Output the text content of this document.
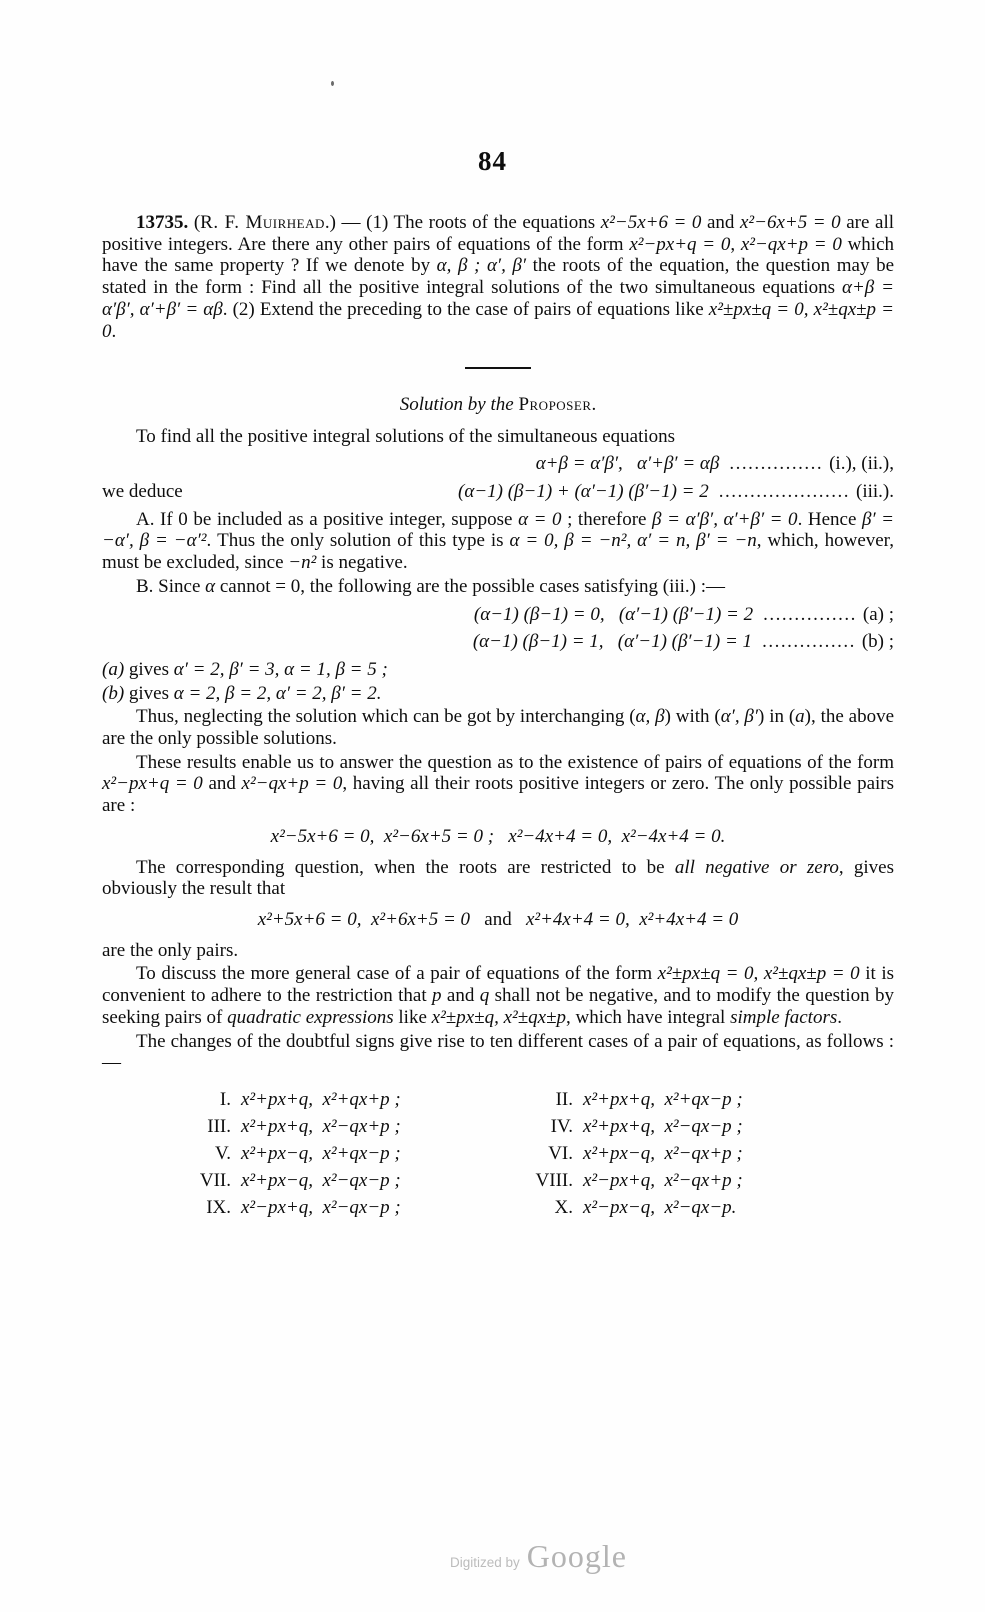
84

13735. (R. F. Muirhead.) — (1) The roots of the equations x²−5x+6 = 0 and x²−6x+5 = 0 are all positive integers. Are there any other pairs of equations of the form x²−px+q = 0, x²−qx+p = 0 which have the same property ? If we denote by α, β ; α′, β′ the roots of the equation, the question may be stated in the form : Find all the positive integral solutions of the two simultaneous equations α+β = α′β′, α′+β′ = αβ. (2) Extend the preceding to the case of pairs of equations like x²±px±q = 0, x²±qx±p = 0.

Solution by the Proposer.

To find all the positive integral solutions of the simultaneous equations

α+β = α′β′,   α′+β′ = αβ ............... (i.), (ii.),
we deduce	(α−1) (β−1) + (α′−1) (β′−1) = 2 ..................... (iii.).

A. If 0 be included as a positive integer, suppose α = 0 ; therefore β = α′β′, α′+β′ = 0. Hence β′ = −α′, β = −α′². Thus the only solution of this type is α = 0, β = −n², α′ = n, β′ = −n, which, however, must be excluded, since −n² is negative.

B. Since α cannot = 0, the following are the possible cases satisfying (iii.) :—

(α−1) (β−1) = 0,   (α′−1) (β′−1) = 2 ............... (a) ;
(α−1) (β−1) = 1,   (α′−1) (β′−1) = 1 ............... (b) ;

(a) gives α′ = 2, β′ = 3, α = 1, β = 5 ;

(b) gives α = 2, β = 2, α′ = 2, β′ = 2.

Thus, neglecting the solution which can be got by interchanging (α, β) with (α′, β′) in (a), the above are the only possible solutions.

These results enable us to answer the question as to the existence of pairs of equations of the form x²−px+q = 0 and x²−qx+p = 0, having all their roots positive integers or zero. The only possible pairs are :

x²−5x+6 = 0,  x²−6x+5 = 0 ;   x²−4x+4 = 0,  x²−4x+4 = 0.

The corresponding question, when the roots are restricted to be all negative or zero, gives obviously the result that

x²+5x+6 = 0,  x²+6x+5 = 0   and   x²+4x+4 = 0,  x²+4x+4 = 0

are the only pairs.

To discuss the more general case of a pair of equations of the form x²±px±q = 0, x²±qx±p = 0 it is convenient to adhere to the restriction that p and q shall not be negative, and to modify the question by seeking pairs of quadratic expressions like x²±px±q, x²±qx±p, which have integral simple factors.

The changes of the doubtful signs give rise to ten different cases of a pair of equations, as follows :—

I. x²+px+q,  x²+qx+p ;	II. x²+px+q,  x²+qx−p ;
III. x²+px+q,  x²−qx+p ;	IV. x²+px+q,  x²−qx−p ;
V. x²+px−q,  x²+qx−p ;	VI. x²+px−q,  x²−qx+p ;
VII. x²+px−q,  x²−qx−p ;	VIII. x²−px+q,  x²−qx+p ;
IX. x²−px+q,  x²−qx−p ;	X. x²−px−q,  x²−qx−p.
Digitized by Google
